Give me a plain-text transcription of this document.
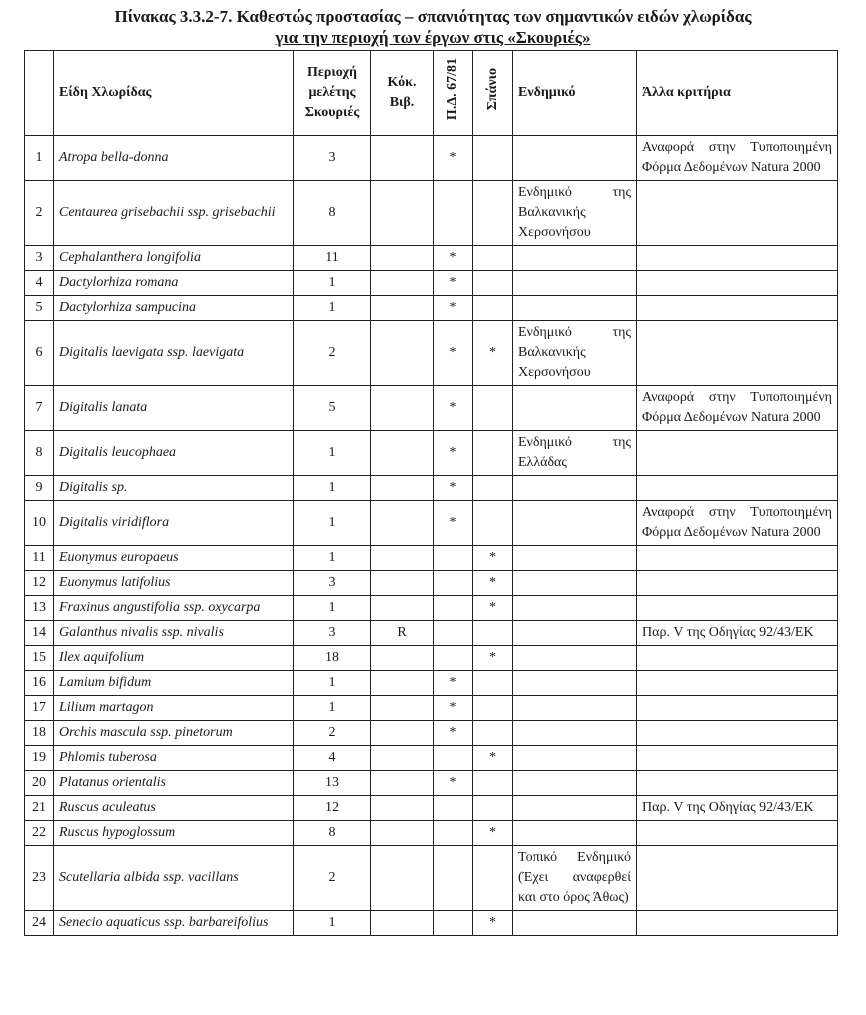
Πίνακας 3.3.2-7. Καθεστώς προστασίας – σπανιότητας των σημαντικών ειδών χλωρίδας
για την περιοχή των έργων στις «Σκουριές»
	Είδη Χλωρίδας	Περιοχή μελέτης Σκουριές	Κόκ. Βιβ.	Π.Δ. 67/81	Σπάνιο	Ενδημικό	Άλλα κριτήρια
1	Atropa bella-donna	3		*			Αναφορά στην Τυποποιημένη Φόρμα Δεδομένων Natura 2000
2	Centaurea grisebachii ssp. grisebachii	8				Ενδημικό της Βαλκανικής Χερσονήσου	
3	Cephalanthera longifolia	11		*			
4	Dactylorhiza romana	1		*			
5	Dactylorhiza sampucina	1		*			
6	Digitalis laevigata ssp. laevigata	2		*	*	Ενδημικό της Βαλκανικής Χερσονήσου	
7	Digitalis lanata	5		*			Αναφορά στην Τυποποιημένη Φόρμα Δεδομένων Natura 2000
8	Digitalis leucophaea	1		*		Ενδημικό της Ελλάδας	
9	Digitalis sp.	1		*			
10	Digitalis viridiflora	1		*			Αναφορά στην Τυποποιημένη Φόρμα Δεδομένων Natura 2000
11	Euonymus europaeus	1			*		
12	Euonymus latifolius	3			*		
13	Fraxinus angustifolia ssp. oxycarpa	1			*		
14	Galanthus nivalis ssp. nivalis	3	R				Παρ. V της Οδηγίας 92/43/ΕΚ
15	Ilex aquifolium	18			*		
16	Lamium bifidum	1		*			
17	Lilium martagon	1		*			
18	Orchis mascula ssp. pinetorum	2		*			
19	Phlomis tuberosa	4			*		
20	Platanus orientalis	13		*			
21	Ruscus aculeatus	12					Παρ. V της Οδηγίας 92/43/ΕΚ
22	Ruscus hypoglossum	8			*		
23	Scutellaria albida ssp. vacillans	2				Τοπικό Ενδημικό (Έχει αναφερθεί και στο όρος Άθως)	
24	Senecio aquaticus ssp. barbareifolius	1			*		
